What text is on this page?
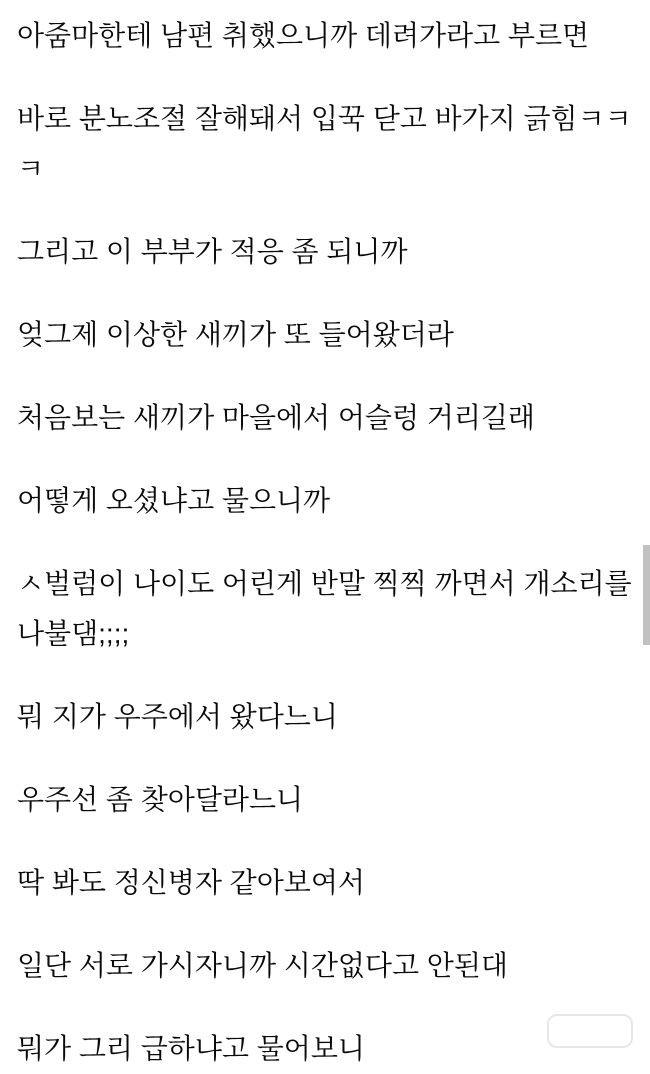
아줌마한테 남편 취했으니까 데려가라고 부르면

바로 분노조절 잘해돼서 입꾹 닫고 바가지 긁힘ㅋㅋㅋ

그리고 이 부부가 적응 좀 되니까

엊그제 이상한 새끼가 또 들어왔더라

처음보는 새끼가 마을에서 어슬렁 거리길래

어떻게 오셨냐고 물으니까

ㅅ벌럼이 나이도 어린게 반말 찍찍 까면서 개소리를 나불댐;;;;

뭐 지가 우주에서 왔다느니

우주선 좀 찾아달라느니

딱 봐도 정신병자 같아보여서

일단 서로 가시자니까 시간없다고 안된대

뭐가 그리 급하냐고 물어보니
